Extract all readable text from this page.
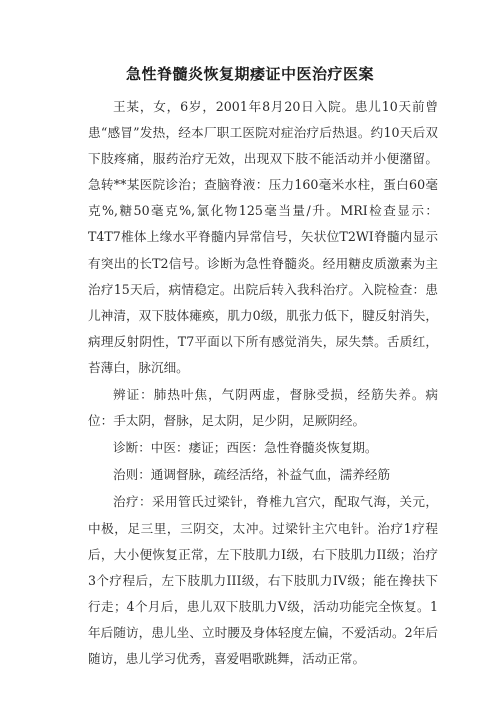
急性脊髓炎恢复期痿证中医治疗医案

王某，女，6岁，2001年8月20日入院。患儿10天前曾患“感冒”发热，经本厂职工医院对症治疗后热退。约10天后双下肢疼痛，服药治疗无效，出现双下肢不能活动并小便潴留。急转**某医院诊治；查脑脊液：压力160毫米水柱，蛋白60毫克%,糖50毫克%,氯化物125毫当量/升。MRI检查显示：T4T7椎体上缘水平脊髓内异常信号，矢状位T2WI脊髓内显示有突出的长T2信号。诊断为急性脊髓炎。经用糖皮质激素为主治疗15天后，病情稳定。出院后转入我科治疗。入院检查：患儿神清，双下肢体瘫痪，肌力0级，肌张力低下，腱反射消失，病理反射阴性，T7平面以下所有感觉消失，尿失禁。舌质红，苔薄白，脉沉细。

辨证：肺热叶焦，气阴两虚，督脉受损，经筋失养。病位：手太阴，督脉，足太阴，足少阴，足厥阴经。

诊断：中医：痿证；西医：急性脊髓炎恢复期。

治则：通调督脉，疏经活络，补益气血，濡养经筋

治疗：采用管氏过梁针，脊椎九宫穴，配取气海，关元，中极，足三里，三阴交，太冲。过梁针主穴电针。治疗1疗程后，大小便恢复正常，左下肢肌力I级，右下肢肌力II级；治疗3个疗程后，左下肢肌力III级，右下肢肌力IV级；能在搀扶下行走；4个月后，患儿双下肢肌力V级，活动功能完全恢复。1年后随访，患儿坐、立时腰及身体轻度左偏，不爱活动。2年后随访，患儿学习优秀，喜爱唱歌跳舞，活动正常。
